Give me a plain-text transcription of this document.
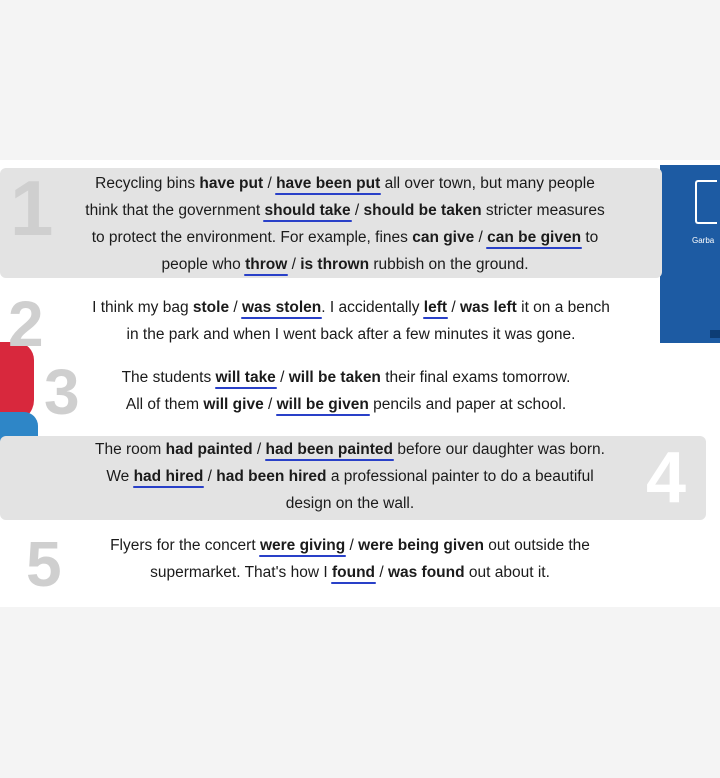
Garba
1
2
3
4
5
Recycling bins have put / have been put all over town, but many people
think that the government should take / should be taken stricter measures
to protect the environment. For example, fines can give / can be given to
people who throw / is thrown rubbish on the ground.
I think my bag stole / was stolen. I accidentally left / was left it on a bench
in the park and when I went back after a few minutes it was gone.
The students will take / will be taken their final exams tomorrow.
All of them will give / will be given pencils and paper at school.
The room had painted / had been painted before our daughter was born.
We had hired / had been hired a professional painter to do a beautiful
design on the wall.
Flyers for the concert were giving / were being given out outside the
supermarket. That's how I found / was found out about it.
